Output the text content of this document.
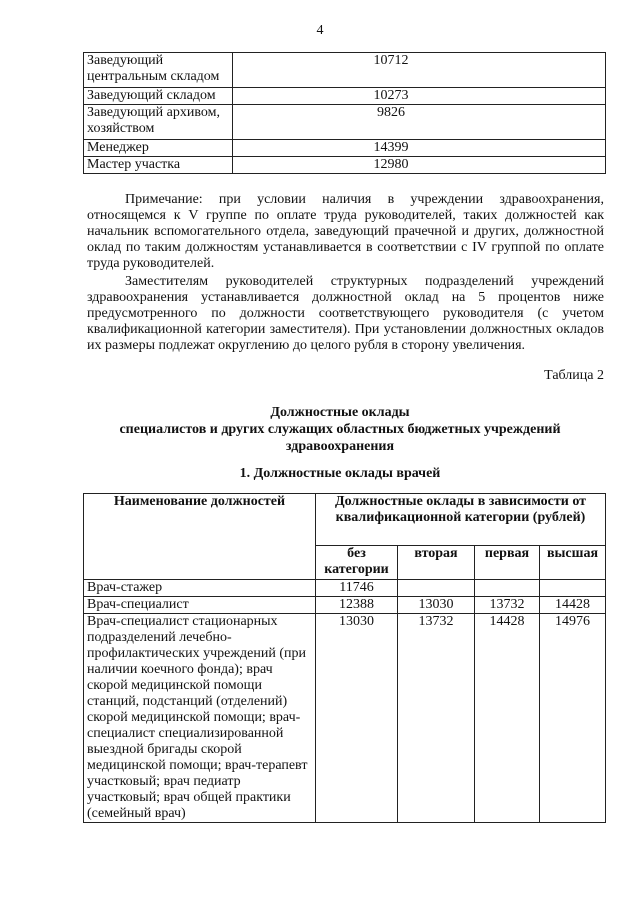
4
Заведующий центральным складом	10712
Заведующий складом	10273
Заведующий архивом, хозяйством	9826
Менеджер	14399
Мастер участка	12980

Примечание: при условии наличия в учреждении здравоохранения, относящемся к V группе по оплате труда руководителей, таких должностей как начальник вспомогательного отдела, заведующий прачечной и других, должностной оклад по таким должностям устанавливается в соответствии с IV группой по оплате труда руководителей.

Заместителям руководителей структурных подразделений учреждений здравоохранения устанавливается должностной оклад на 5 процентов ниже предусмотренного по должности соответствующего руководителя (с учетом квалификационной категории заместителя). При установлении должностных окладов их размеры подлежат округлению до целого рубля в сторону увеличения.

Таблица 2
Должностные оклады
специалистов и других служащих областных бюджетных учреждений
здравоохранения
1. Должностные оклады врачей
Наименование должностей	Должностные оклады в зависимости от квалификационной категории (рублей)			
	без категории	вторая	первая	высшая
Врач-стажер	11746			
Врач-специалист	12388	13030	13732	14428
Врач-специалист стационарных подразделений лечебно-профилактических учреждений (при наличии коечного фонда); врач скорой медицинской помощи станций, подстанций (отделений) скорой медицинской помощи; врач-специалист специализированной выездной бригады скорой медицинской помощи; врач-терапевт участковый; врач педиатр участковый; врач общей практики (семейный врач)	13030	13732	14428	14976
